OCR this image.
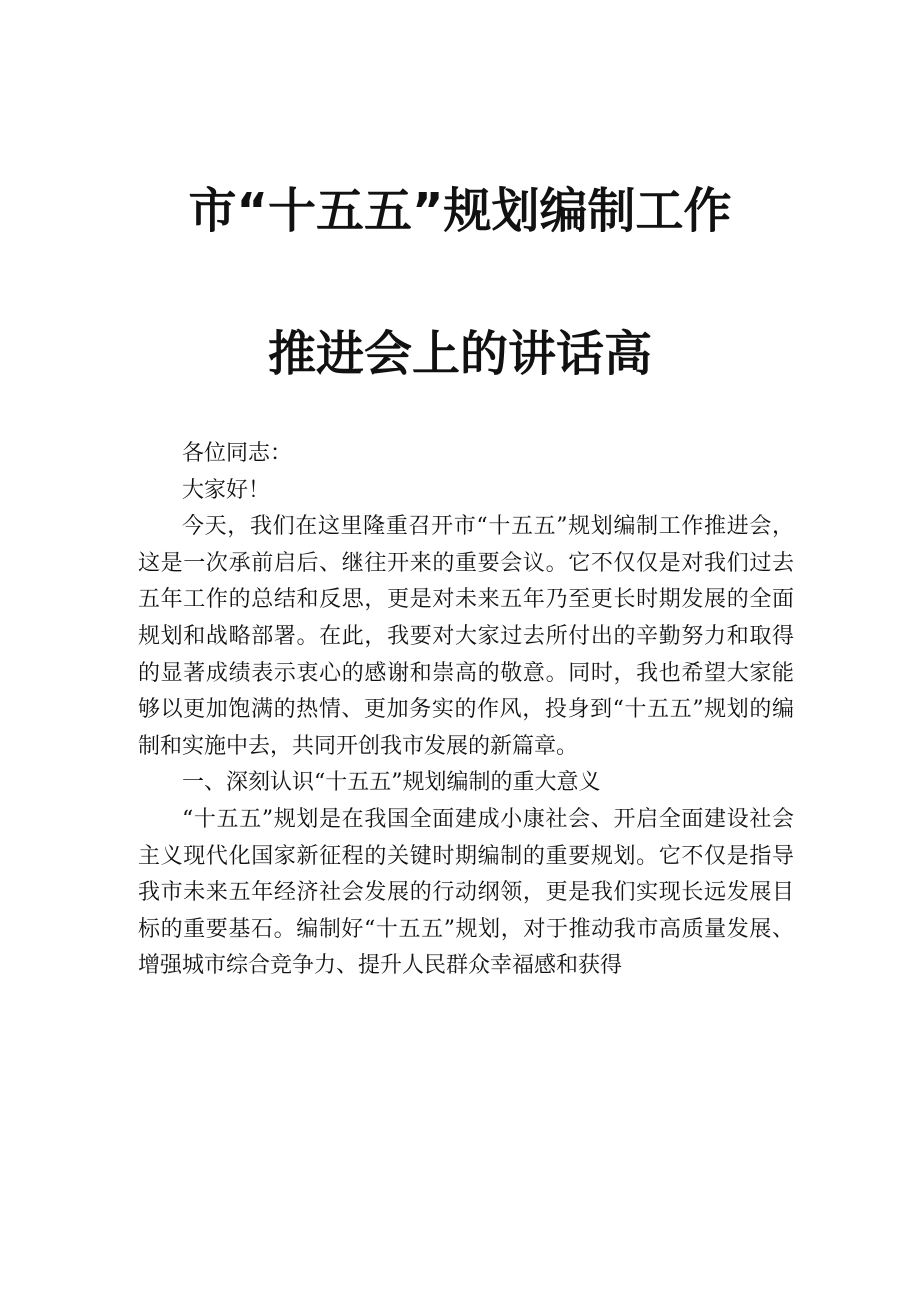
市“十五五”规划编制工作
推进会上的讲话高

各位同志：

大家好！

今天，我们在这里隆重召开市“十五五”规划编制工作推进会，这是一次承前启后、继往开来的重要会议。它不仅仅是对我们过去五年工作的总结和反思，更是对未来五年乃至更长时期发展的全面规划和战略部署。在此，我要对大家过去所付出的辛勤努力和取得的显著成绩表示衷心的感谢和崇高的敬意。同时，我也希望大家能够以更加饱满的热情、更加务实的作风，投身到“十五五”规划的编制和实施中去，共同开创我市发展的新篇章。

一、深刻认识“十五五”规划编制的重大意义

“十五五”规划是在我国全面建成小康社会、开启全面建设社会主义现代化国家新征程的关键时期编制的重要规划。它不仅是指导我市未来五年经济社会发展的行动纲领，更是我们实现长远发展目标的重要基石。编制好“十五五”规划，对于推动我市高质量发展、增强城市综合竞争力、提升人民群众幸福感和获得
